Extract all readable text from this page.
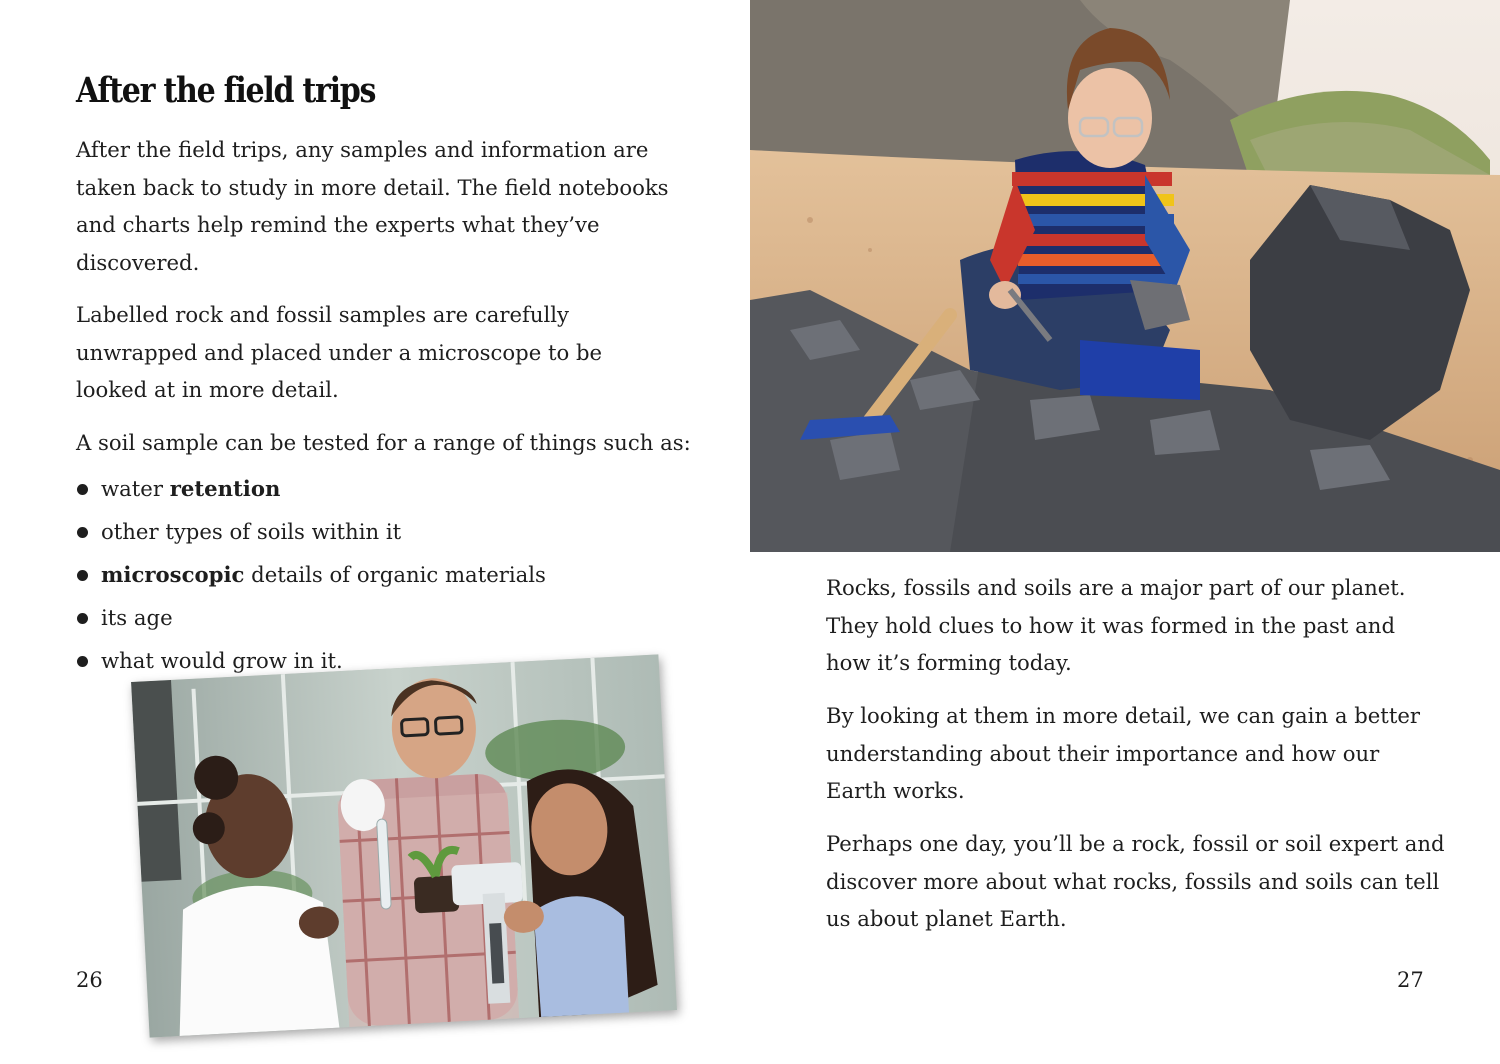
After the field trips

After the field trips, any samples and information are taken back to study in more detail. The field notebooks and charts help remind the experts what they’ve discovered.

Labelled rock and fossil samples are carefully unwrapped and placed under a microscope to be looked at in more detail.

A soil sample can be tested for a range of things such as:

water retention
other types of soils within it
microscopic details of organic materials
its age
what would grow in it.
26

Rocks, fossils and soils are a major part of our planet. They hold clues to how it was formed in the past and how it’s forming today.

By looking at them in more detail, we can gain a better understanding about their importance and how our Earth works.

Perhaps one day, you’ll be a rock, fossil or soil expert and discover more about what rocks, fossils and soils can tell us about planet Earth.

27
